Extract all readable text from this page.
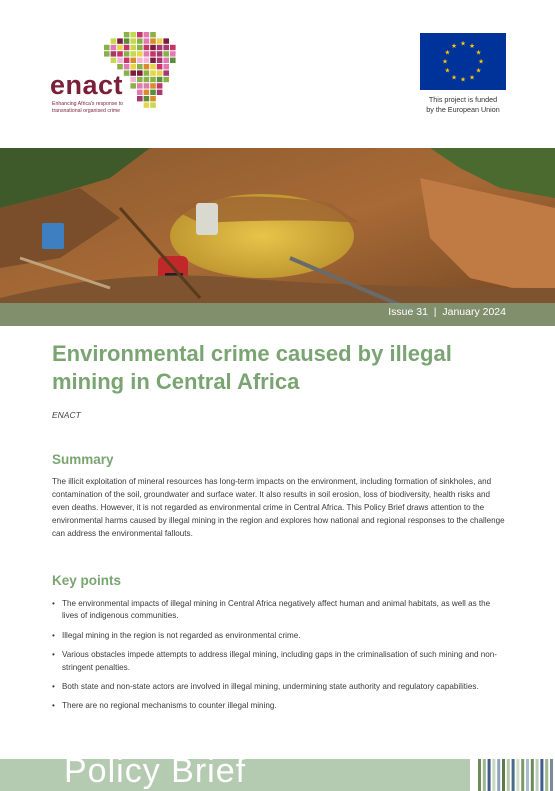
enact
Enhancing Africa's response to
transnational organised crime
★ ★
★
★
★
★
★
★
★
★
★
★
This project is funded
by the European Union
Issue 31 | January 2024
Environmental crime caused by illegal mining in Central Africa
ENACT
Summary
The illicit exploitation of mineral resources has long-term impacts on the environment, including formation of sinkholes, and contamination of the soil, groundwater and surface water. It also results in soil erosion, loss of biodiversity, health risks and even deaths. However, it is not regarded as environmental crime in Central Africa. This Policy Brief draws attention to the environmental harms caused by illegal mining in the region and explores how national and regional responses to the challenge can address the environmental fallouts.
Key points
• The environmental impacts of illegal mining in Central Africa negatively affect human and animal habitats, as well as the lives of indigenous communities.
• Illegal mining in the region is not regarded as environmental crime.
• Various obstacles impede attempts to address illegal mining, including gaps in the criminalisation of such mining and non-stringent penalties.
• Both state and non-state actors are involved in illegal mining, undermining state authority and regulatory capabilities.
• There are no regional mechanisms to counter illegal mining.
Policy Brief
